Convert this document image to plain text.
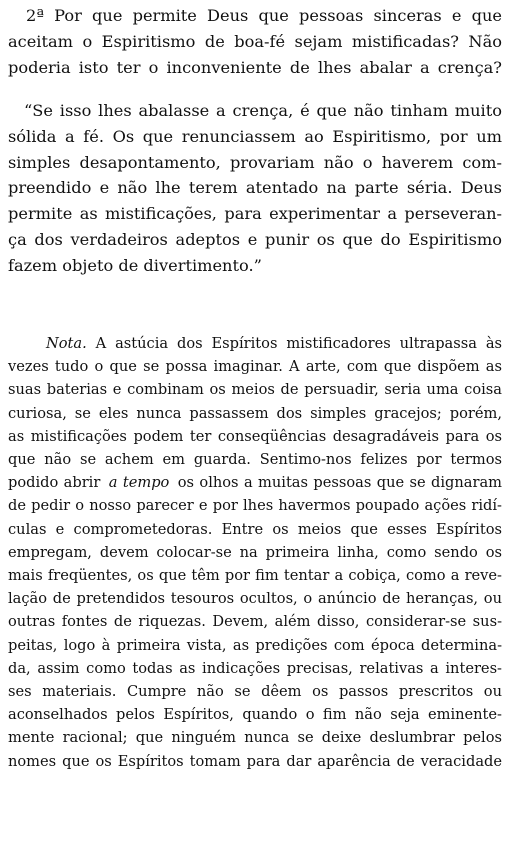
2ª Por que permite Deus que pessoas sinceras e que
aceitam o Espiritismo de boa-fé sejam mistificadas? Não
poderia isto ter o inconveniente de lhes abalar a crença?
“Se isso lhes abalasse a crença, é que não tinham muito
sólida a fé. Os que renunciassem ao Espiritismo, por um
simples desapontamento, provariam não o haverem com-
preendido e não lhe terem atentado na parte séria. Deus
permite as mistificações, para experimentar a perseveran-
ça dos verdadeiros adeptos e punir os que do Espiritismo
fazem objeto de divertimento.”
Nota. A astúcia dos Espíritos mistificadores ultrapassa às
vezes tudo o que se possa imaginar. A arte, com que dispõem as
suas baterias e combinam os meios de persuadir, seria uma coisa
curiosa, se eles nunca passassem dos simples gracejos; porém,
as mistificações podem ter conseqüências desagradáveis para os
que não se achem em guarda. Sentimo-nos felizes por termos
podido abrir a tempo os olhos a muitas pessoas que se dignaram
de pedir o nosso parecer e por lhes havermos poupado ações ridí-
culas e comprometedoras. Entre os meios que esses Espíritos
empregam, devem colocar-se na primeira linha, como sendo os
mais freqüentes, os que têm por fim tentar a cobiça, como a reve-
lação de pretendidos tesouros ocultos, o anúncio de heranças, ou
outras fontes de riquezas. Devem, além disso, considerar-se sus-
peitas, logo à primeira vista, as predições com época determina-
da, assim como todas as indicações precisas, relativas a interes-
ses materiais. Cumpre não se dêem os passos prescritos ou
aconselhados pelos Espíritos, quando o fim não seja eminente-
mente racional; que ninguém nunca se deixe deslumbrar pelos
nomes que os Espíritos tomam para dar aparência de veracidade
